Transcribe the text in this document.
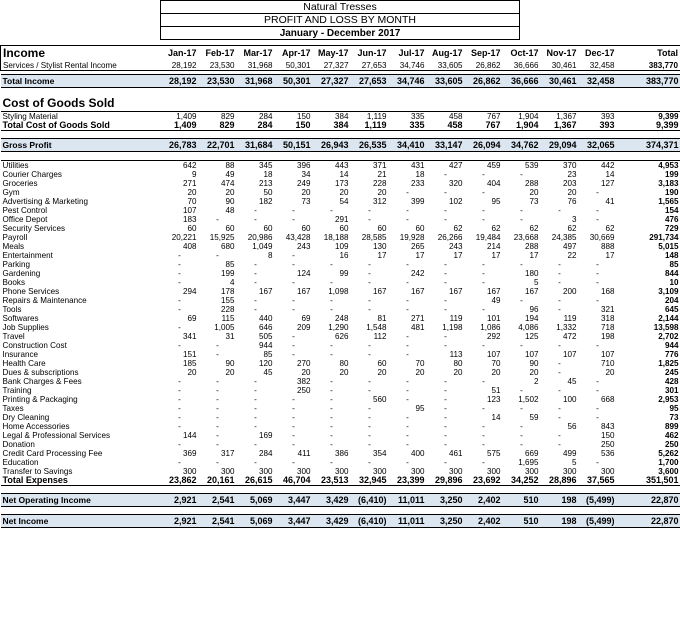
Natural Tresses
PROFIT AND LOSS BY MONTH
January - December 2017
Income	Jan-17	Feb-17	Mar-17	Apr-17	May-17	Jun-17	Jul-17	Aug-17	Sep-17	Oct-17	Nov-17	Dec-17	Total
Services / Stylist Rental Income	28,192	23,530	31,968	50,301	27,327	27,653	34,746	33,605	26,862	36,666	30,461	32,458	383,770

Total Income	28,192	23,530	31,968	50,301	27,327	27,653	34,746	33,605	26,862	36,666	30,461	32,458	383,770

Cost of Goods Sold													
Styling Material	1,409	829	284	150	384	1,119	335	458	767	1,904	1,367	393	9,399
Total Cost of Goods Sold	1,409	829	284	150	384	1,119	335	458	767	1,904	1,367	393	9,399

Gross Profit	26,783	22,701	31,684	50,151	26,943	26,535	34,410	33,147	26,094	34,762	29,094	32,065	374,371

Utilities	642	88	345	396	443	371	431	427	459	539	370	442	4,953
Courier Charges	9	49	18	34	14	21	18	-	-	-	23	14	199
Groceries	271	474	213	249	173	228	233	320	404	288	203	127	3,183
Gym	20	20	50	20	20	20	-	-	-	20	20	-	190
Advertising & Marketing	70	90	182	73	54	312	399	102	95	73	76	41	1,565
Pest Control	107	48	-	-	-	-	-	-	-	-	-	-	154
Office Depot	183	-	-	-	291	-	-	-	-	-	3	-	476
Security Services	60	60	60	60	60	60	60	62	62	62	62	62	729
Payroll	20,221	15,925	20,986	43,428	18,188	28,585	19,928	26,266	19,484	23,668	24,385	30,669	291,734
Meals	408	680	1,049	243	109	130	265	243	214	288	497	888	5,015
Entertainment	-	-	8	-	16	17	17	17	17	17	22	17	148
Parking	-	85	-	-	-	-	-	-	-	-	-	-	85
Gardening	-	199	-	124	99	-	242	-	-	180	-	-	844
Books	-	4	-	-	-	-	-	-	-	5	-	-	10
Phone Services	294	178	167	167	1,098	167	167	167	167	167	200	168	3,109
Repairs & Maintenance	-	155	-	-	-	-	-	-	49	-	-	-	204
Tools	-	228	-	-	-	-	-	-	-	96	-	321	645
Softwares	69	115	440	69	248	81	271	119	101	194	119	318	2,144
Job Supplies	-	1,005	646	209	1,290	1,548	481	1,198	1,086	4,086	1,332	718	13,598
Travel	341	31	505	-	626	112	-	-	292	125	472	198	2,702
Construction Cost	-	-	944	-	-	-	-	-	-	-	-	-	944
Insurance	151	-	85	-	-	-	-	113	107	107	107	107	776
Health Care	185	90	120	270	80	60	70	80	70	90	-	710	1,825
Dues & subscriptions	20	20	45	20	20	20	20	20	20	20	-	20	245
Bank Charges & Fees	-	-	-	382	-	-	-	-	-	2	45	-	428
Training	-	-	-	250	-	-	-	-	51	-	-	-	301
Printing & Packaging	-	-	-	-	-	560	-	-	123	1,502	100	668	2,953
Taxes	-	-	-	-	-	-	95	-	-	-	-	-	95
Dry Cleaning	-	-	-	-	-	-	-	-	14	59	-	-	73
Home Accessories	-	-	-	-	-	-	-	-	-	-	56	843	899
Legal & Professional Services	144	-	169	-	-	-	-	-	-	-	-	150	462
Donation	-	-	-	-	-	-	-	-	-	-	-	250	250
Credit Card Processing Fee	369	317	284	411	386	354	400	461	575	669	499	536	5,262
Education	-	-	-	-	-	-	-	-	-	1,695	5	-	1,700
Transfer to Savings	300	300	300	300	300	300	300	300	300	300	300	300	3,600
Total Expenses	23,862	20,161	26,615	46,704	23,513	32,945	23,399	29,896	23,692	34,252	28,896	37,565	351,501

Net Operating Income	2,921	2,541	5,069	3,447	3,429	(6,410)	11,011	3,250	2,402	510	198	(5,499)	22,870

Net Income	2,921	2,541	5,069	3,447	3,429	(6,410)	11,011	3,250	2,402	510	198	(5,499)	22,870
